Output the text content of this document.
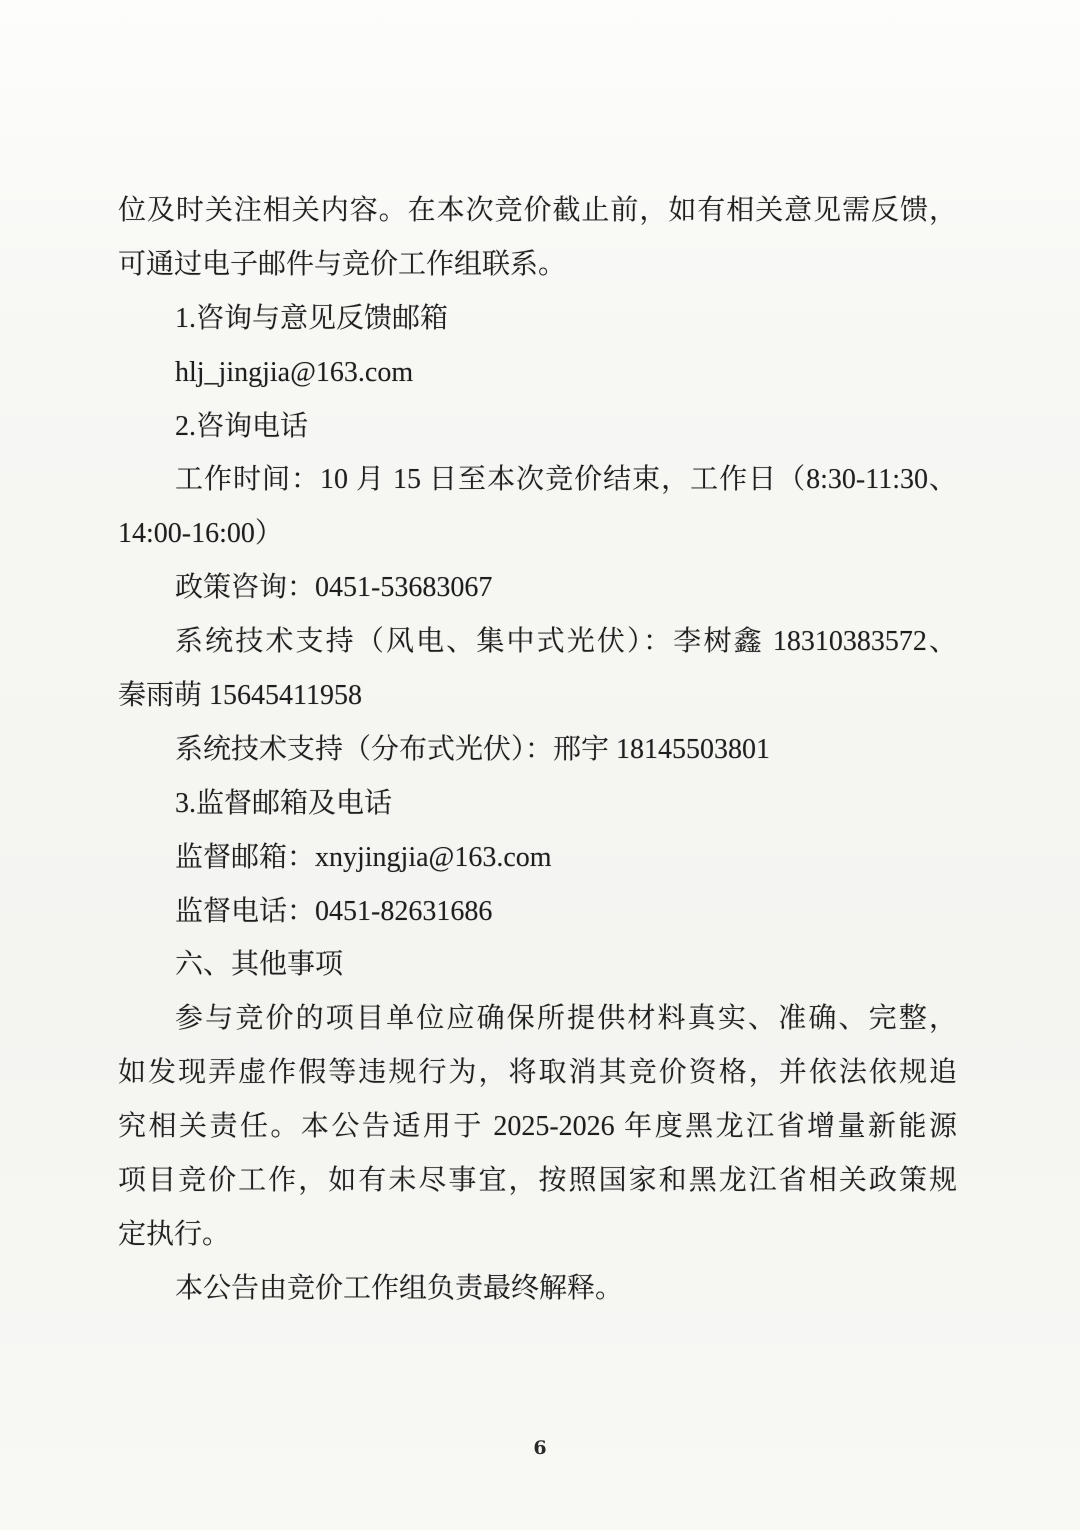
位及时关注相关内容。在本次竞价截止前，如有相关意见需反馈，
可通过电子邮件与竞价工作组联系。
1.咨询与意见反馈邮箱
hlj_jingjia@163.com
2.咨询电话
工作时间：10 月 15 日至本次竞价结束，工作日（8:30-11:30、
14:00-16:00）
政策咨询：0451-53683067
系统技术支持（风电、集中式光伏）：李树鑫 18310383572、
秦雨萌 15645411958
系统技术支持（分布式光伏）：邢宇 18145503801
3.监督邮箱及电话
监督邮箱：xnyjingjia@163.com
监督电话：0451-82631686
六、其他事项
参与竞价的项目单位应确保所提供材料真实、准确、完整，
如发现弄虚作假等违规行为，将取消其竞价资格，并依法依规追
究相关责任。本公告适用于 2025-2026 年度黑龙江省增量新能源
项目竞价工作，如有未尽事宜，按照国家和黑龙江省相关政策规
定执行。
本公告由竞价工作组负责最终解释。
6
